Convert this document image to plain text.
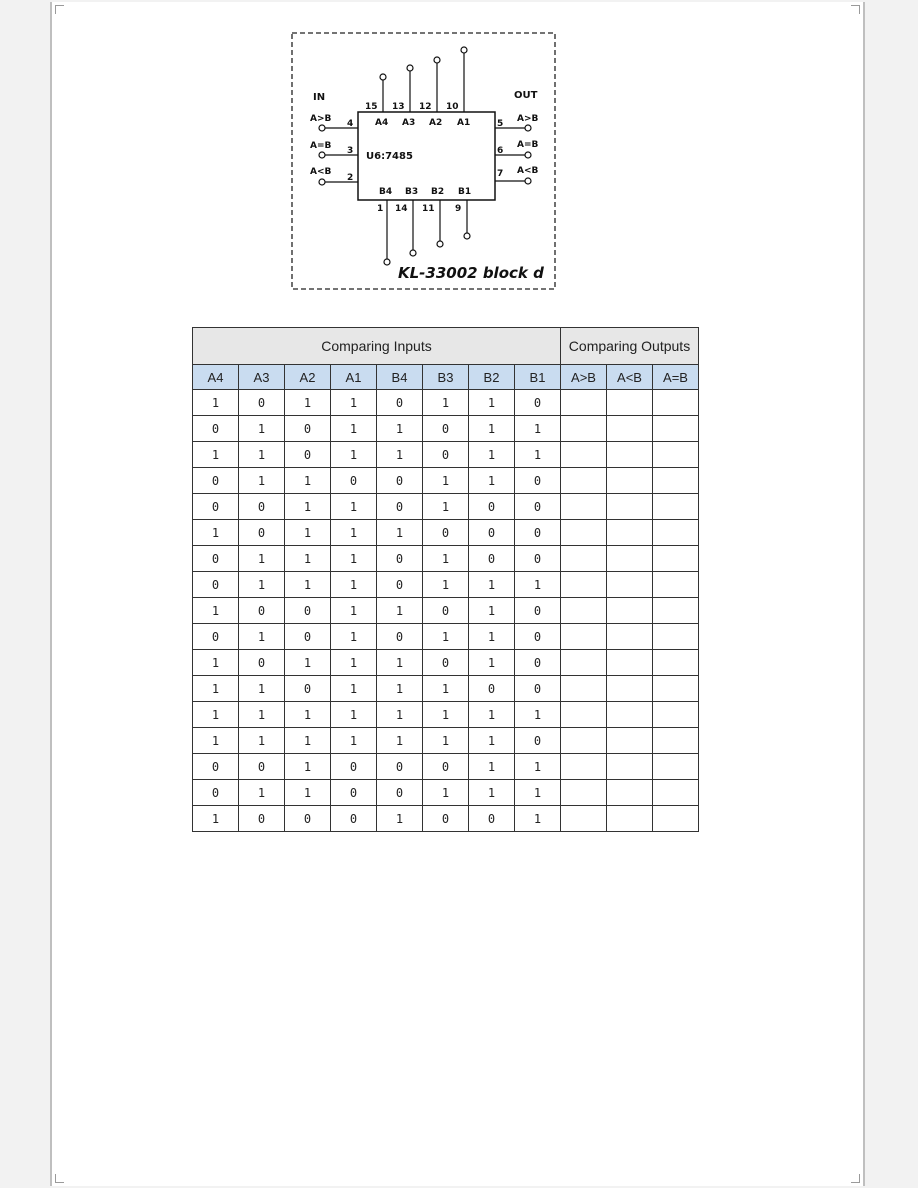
U6:7485
IN	OUT
A>B 4
A=B 3
A<B
2
A>B
5
A=B
6
A<B
7
15
A4
13
A3
12
A2
10
A1
1
B4
14
B3
11
B2
9
B1
KL-33002 block d
Comparing Inputs								Comparing Outputs		
A4	A3	A2	A1	B4	B3	B2	B1	A>B	A<B	A=B
1	0	1	1	0	1	1	0			
0	1	0	1	1	0	1	1			
1	1	0	1	1	0	1	1			
0	1	1	0	0	1	1	0			
0	0	1	1	0	1	0	0			
1	0	1	1	1	0	0	0			
0	1	1	1	0	1	0	0			
0	1	1	1	0	1	1	1			
1	0	0	1	1	0	1	0			
0	1	0	1	0	1	1	0			
1	0	1	1	1	0	1	0			
1	1	0	1	1	1	0	0			
1	1	1	1	1	1	1	1			
1	1	1	1	1	1	1	0			
0	0	1	0	0	0	1	1			
0	1	1	0	0	1	1	1			
1	0	0	0	1	0	0	1			
